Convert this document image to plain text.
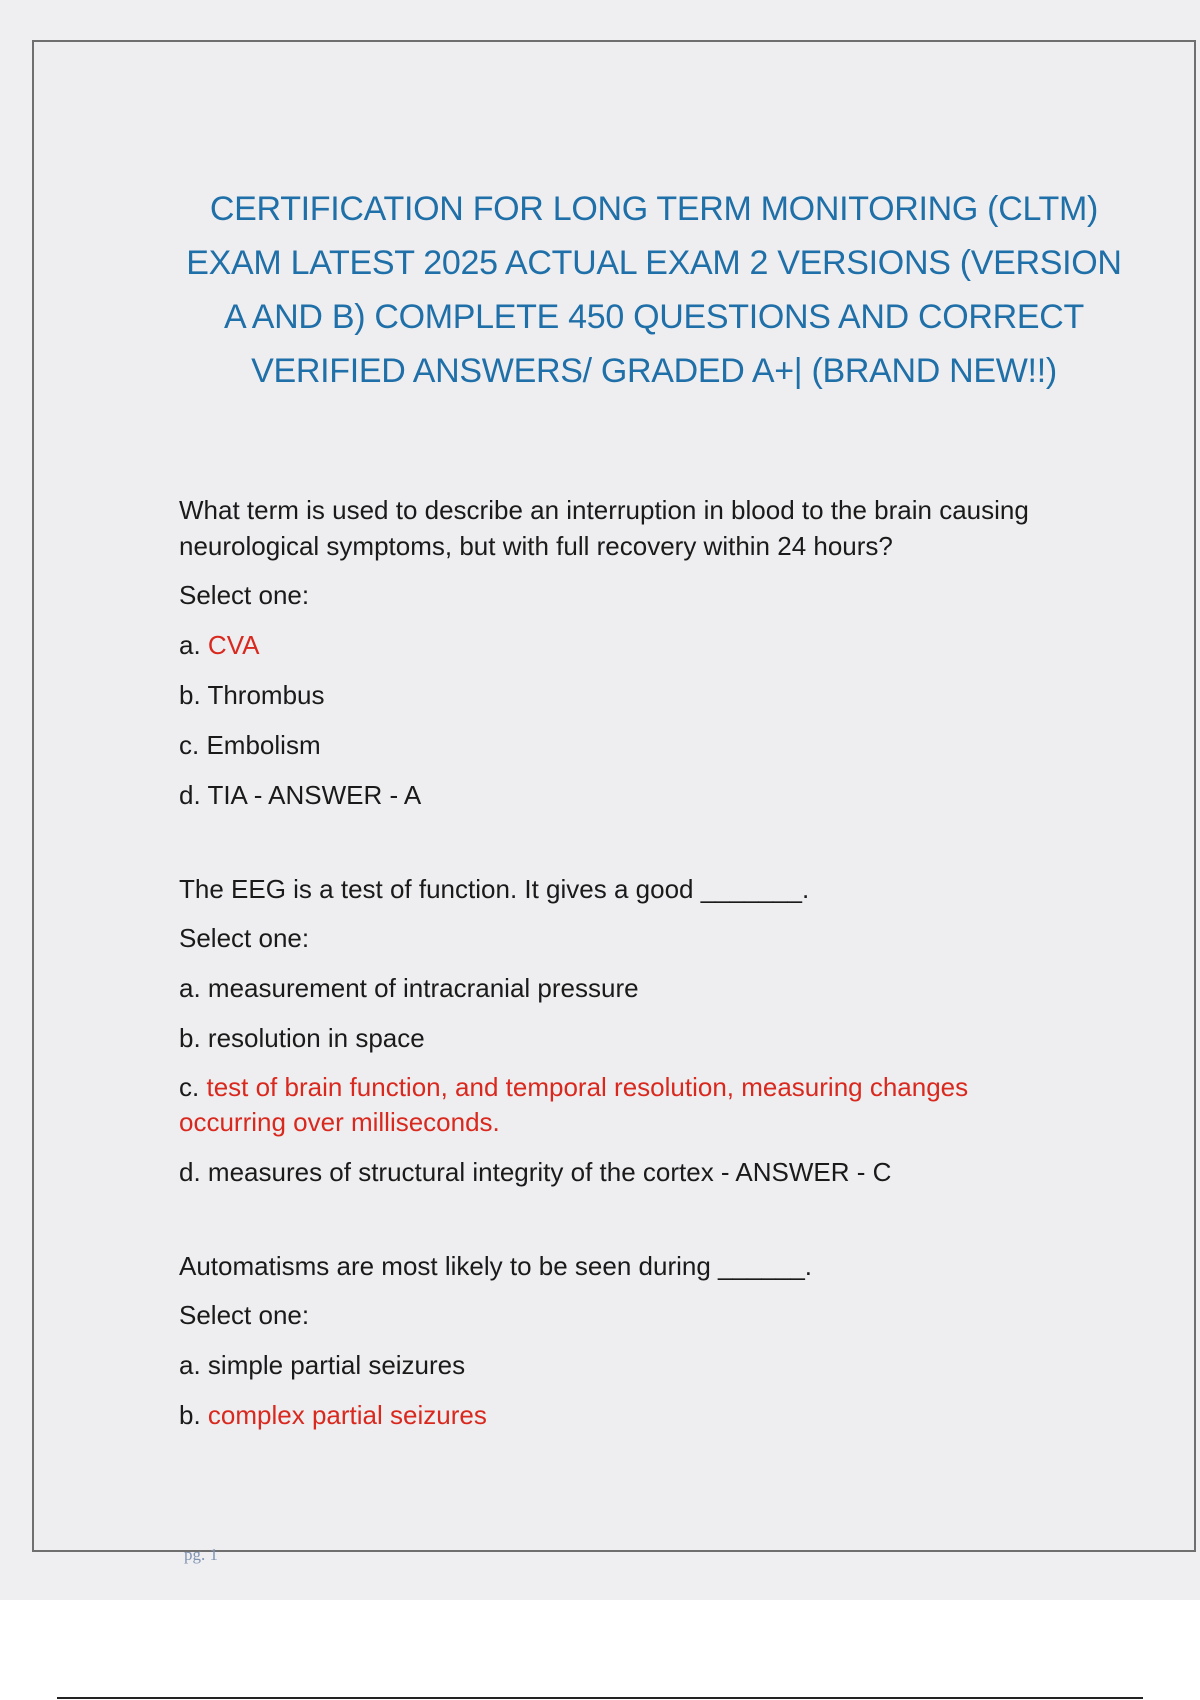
CERTIFICATION FOR LONG TERM MONITORING (CLTM)
EXAM LATEST 2025 ACTUAL EXAM 2 VERSIONS (VERSION
A AND B) COMPLETE 450 QUESTIONS AND CORRECT
VERIFIED ANSWERS/ GRADED A+| (BRAND NEW!!)
What term is used to describe an interruption in blood to the brain causing
neurological symptoms, but with full recovery within 24 hours?
Select one:
a. CVA
b. Thrombus
c. Embolism
d. TIA - ANSWER - A
The EEG is a test of function. It gives a good _______.
Select one:
a. measurement of intracranial pressure
b. resolution in space
c. test of brain function, and temporal resolution, measuring changes
occurring over milliseconds.
d. measures of structural integrity of the cortex - ANSWER - C
Automatisms are most likely to be seen during ______.
Select one:
a. simple partial seizures
b. complex partial seizures
pg. 1
